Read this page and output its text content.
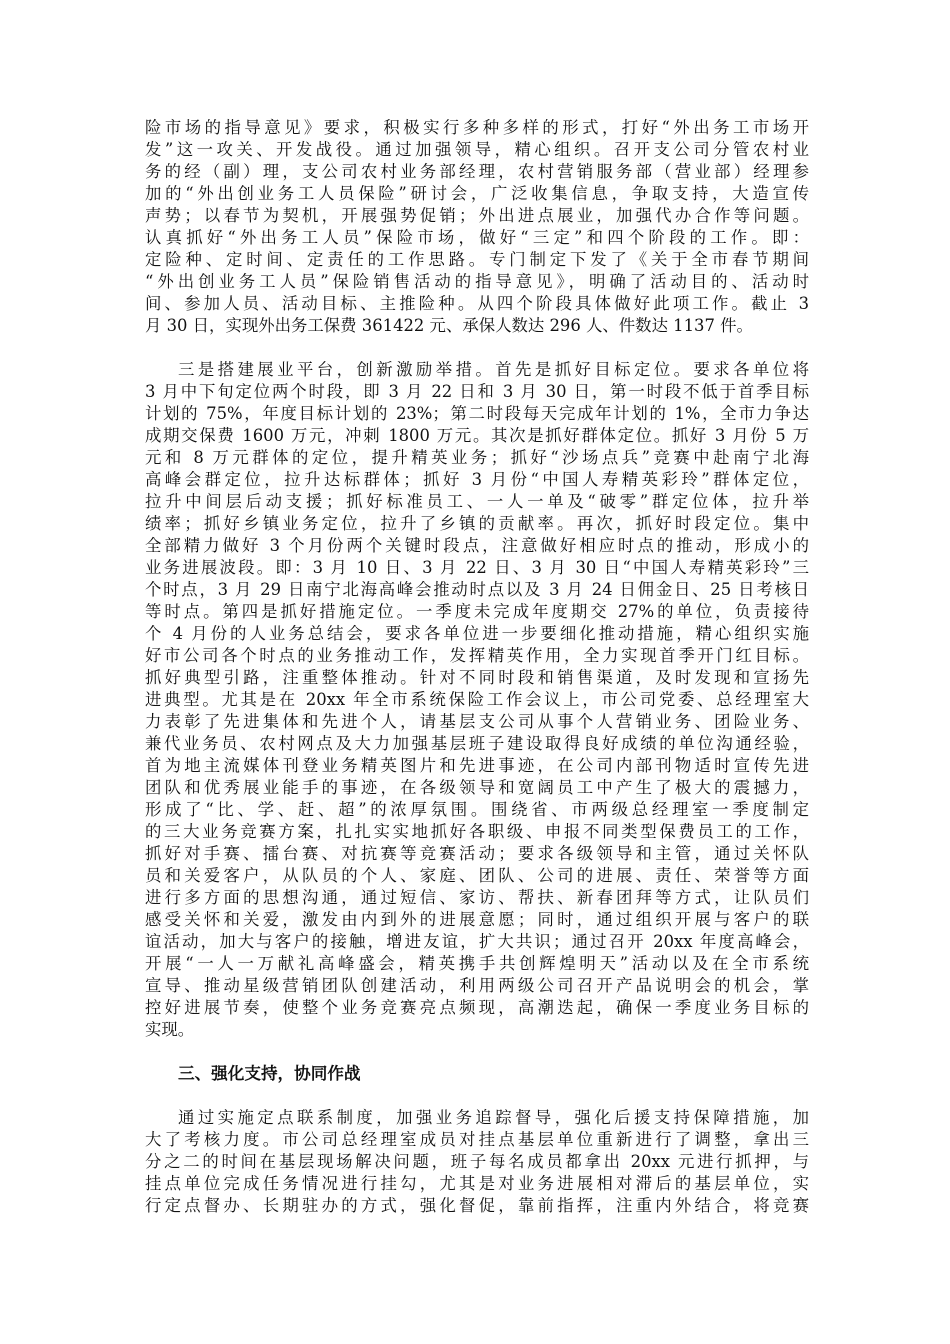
险市场的指导意见》要求，积极实行多种多样的形式，打好“外出务工市场开
发”这一攻关、开发战役。通过加强领导，精心组织。召开支公司分管农村业
务的经（副）理，支公司农村业务部经理，农村营销服务部（营业部）经理参
加的“外出创业务工人员保险”研讨会，广泛收集信息，争取支持，大造宣传
声势；以春节为契机，开展强势促销；外出进点展业，加强代办合作等问题。
认真抓好“外出务工人员”保险市场，做好“三定”和四个阶段的工作。即：
定险种、定时间、定责任的工作思路。专门制定下发了《关于全市春节期间
“外出创业务工人员”保险销售活动的指导意见》，明确了活动目的、活动时
间、参加人员、活动目标、主推险种。从四个阶段具体做好此项工作。截止 3
月 30 日，实现外出务工保费 361422 元、承保人数达 296 人、件数达 1137 件。
三是搭建展业平台，创新激励举措。首先是抓好目标定位。要求各单位将
3 月中下旬定位两个时段，即 3 月 22 日和 3 月 30 日，第一时段不低于首季目标
计划的 75%，年度目标计划的 23%；第二时段每天完成年计划的 1%，全市力争达
成期交保费 1600 万元，冲刺 1800 万元。其次是抓好群体定位。抓好 3 月份 5 万
元和 8 万元群体的定位，提升精英业务；抓好“沙场点兵”竞赛中赴南宁北海
高峰会群定位，拉升达标群体；抓好 3 月份“中国人寿精英彩玲”群体定位，
拉升中间层后动支援；抓好标准员工、一人一单及“破零”群定位体，拉升举
绩率；抓好乡镇业务定位，拉升了乡镇的贡献率。再次，抓好时段定位。集中
全部精力做好 3 个月份两个关键时段点，注意做好相应时点的推动，形成小的
业务进展波段。即：3 月 10 日、3 月 22 日、3 月 30 日“中国人寿精英彩玲”三
个时点，3 月 29 日南宁北海高峰会推动时点以及 3 月 24 日佣金日、25 日考核日
等时点。第四是抓好措施定位。一季度未完成年度期交 27%的单位，负责接待
个 4 月份的人业务总结会，要求各单位进一步要细化推动措施，精心组织实施
好市公司各个时点的业务推动工作，发挥精英作用，全力实现首季开门红目标。
抓好典型引路，注重整体推动。针对不同时段和销售渠道，及时发现和宣扬先
进典型。尤其是在 20xx 年全市系统保险工作会议上，市公司党委、总经理室大
力表彰了先进集体和先进个人，请基层支公司从事个人营销业务、团险业务、
兼代业务员、农村网点及大力加强基层班子建设取得良好成绩的单位沟通经验，
首为地主流媒体刊登业务精英图片和先进事迹，在公司内部刊物适时宣传先进
团队和优秀展业能手的事迹，在各级领导和宽阔员工中产生了极大的震撼力，
形成了“比、学、赶、超”的浓厚氛围。围绕省、市两级总经理室一季度制定
的三大业务竞赛方案，扎扎实实地抓好各职级、申报不同类型保费员工的工作，
抓好对手赛、擂台赛、对抗赛等竞赛活动；要求各级领导和主管，通过关怀队
员和关爱客户，从队员的个人、家庭、团队、公司的进展、责任、荣誉等方面
进行多方面的思想沟通，通过短信、家访、帮扶、新春团拜等方式，让队员们
感受关怀和关爱，激发由内到外的进展意愿；同时，通过组织开展与客户的联
谊活动，加大与客户的接触，增进友谊，扩大共识；通过召开 20xx 年度高峰会，
开展“一人一万献礼高峰盛会，精英携手共创辉煌明天”活动以及在全市系统
宣导、推动星级营销团队创建活动，利用两级公司召开产品说明会的机会，掌
控好进展节奏，使整个业务竞赛亮点频现，高潮迭起，确保一季度业务目标的
实现。
三、强化支持，协同作战
通过实施定点联系制度，加强业务追踪督导，强化后援支持保障措施，加
大了考核力度。市公司总经理室成员对挂点基层单位重新进行了调整，拿出三
分之二的时间在基层现场解决问题，班子每名成员都拿出 20xx 元进行抓押，与
挂点单位完成任务情况进行挂勾，尤其是对业务进展相对滞后的基层单位，实
行定点督办、长期驻办的方式，强化督促，靠前指挥，注重内外结合，将竞赛
